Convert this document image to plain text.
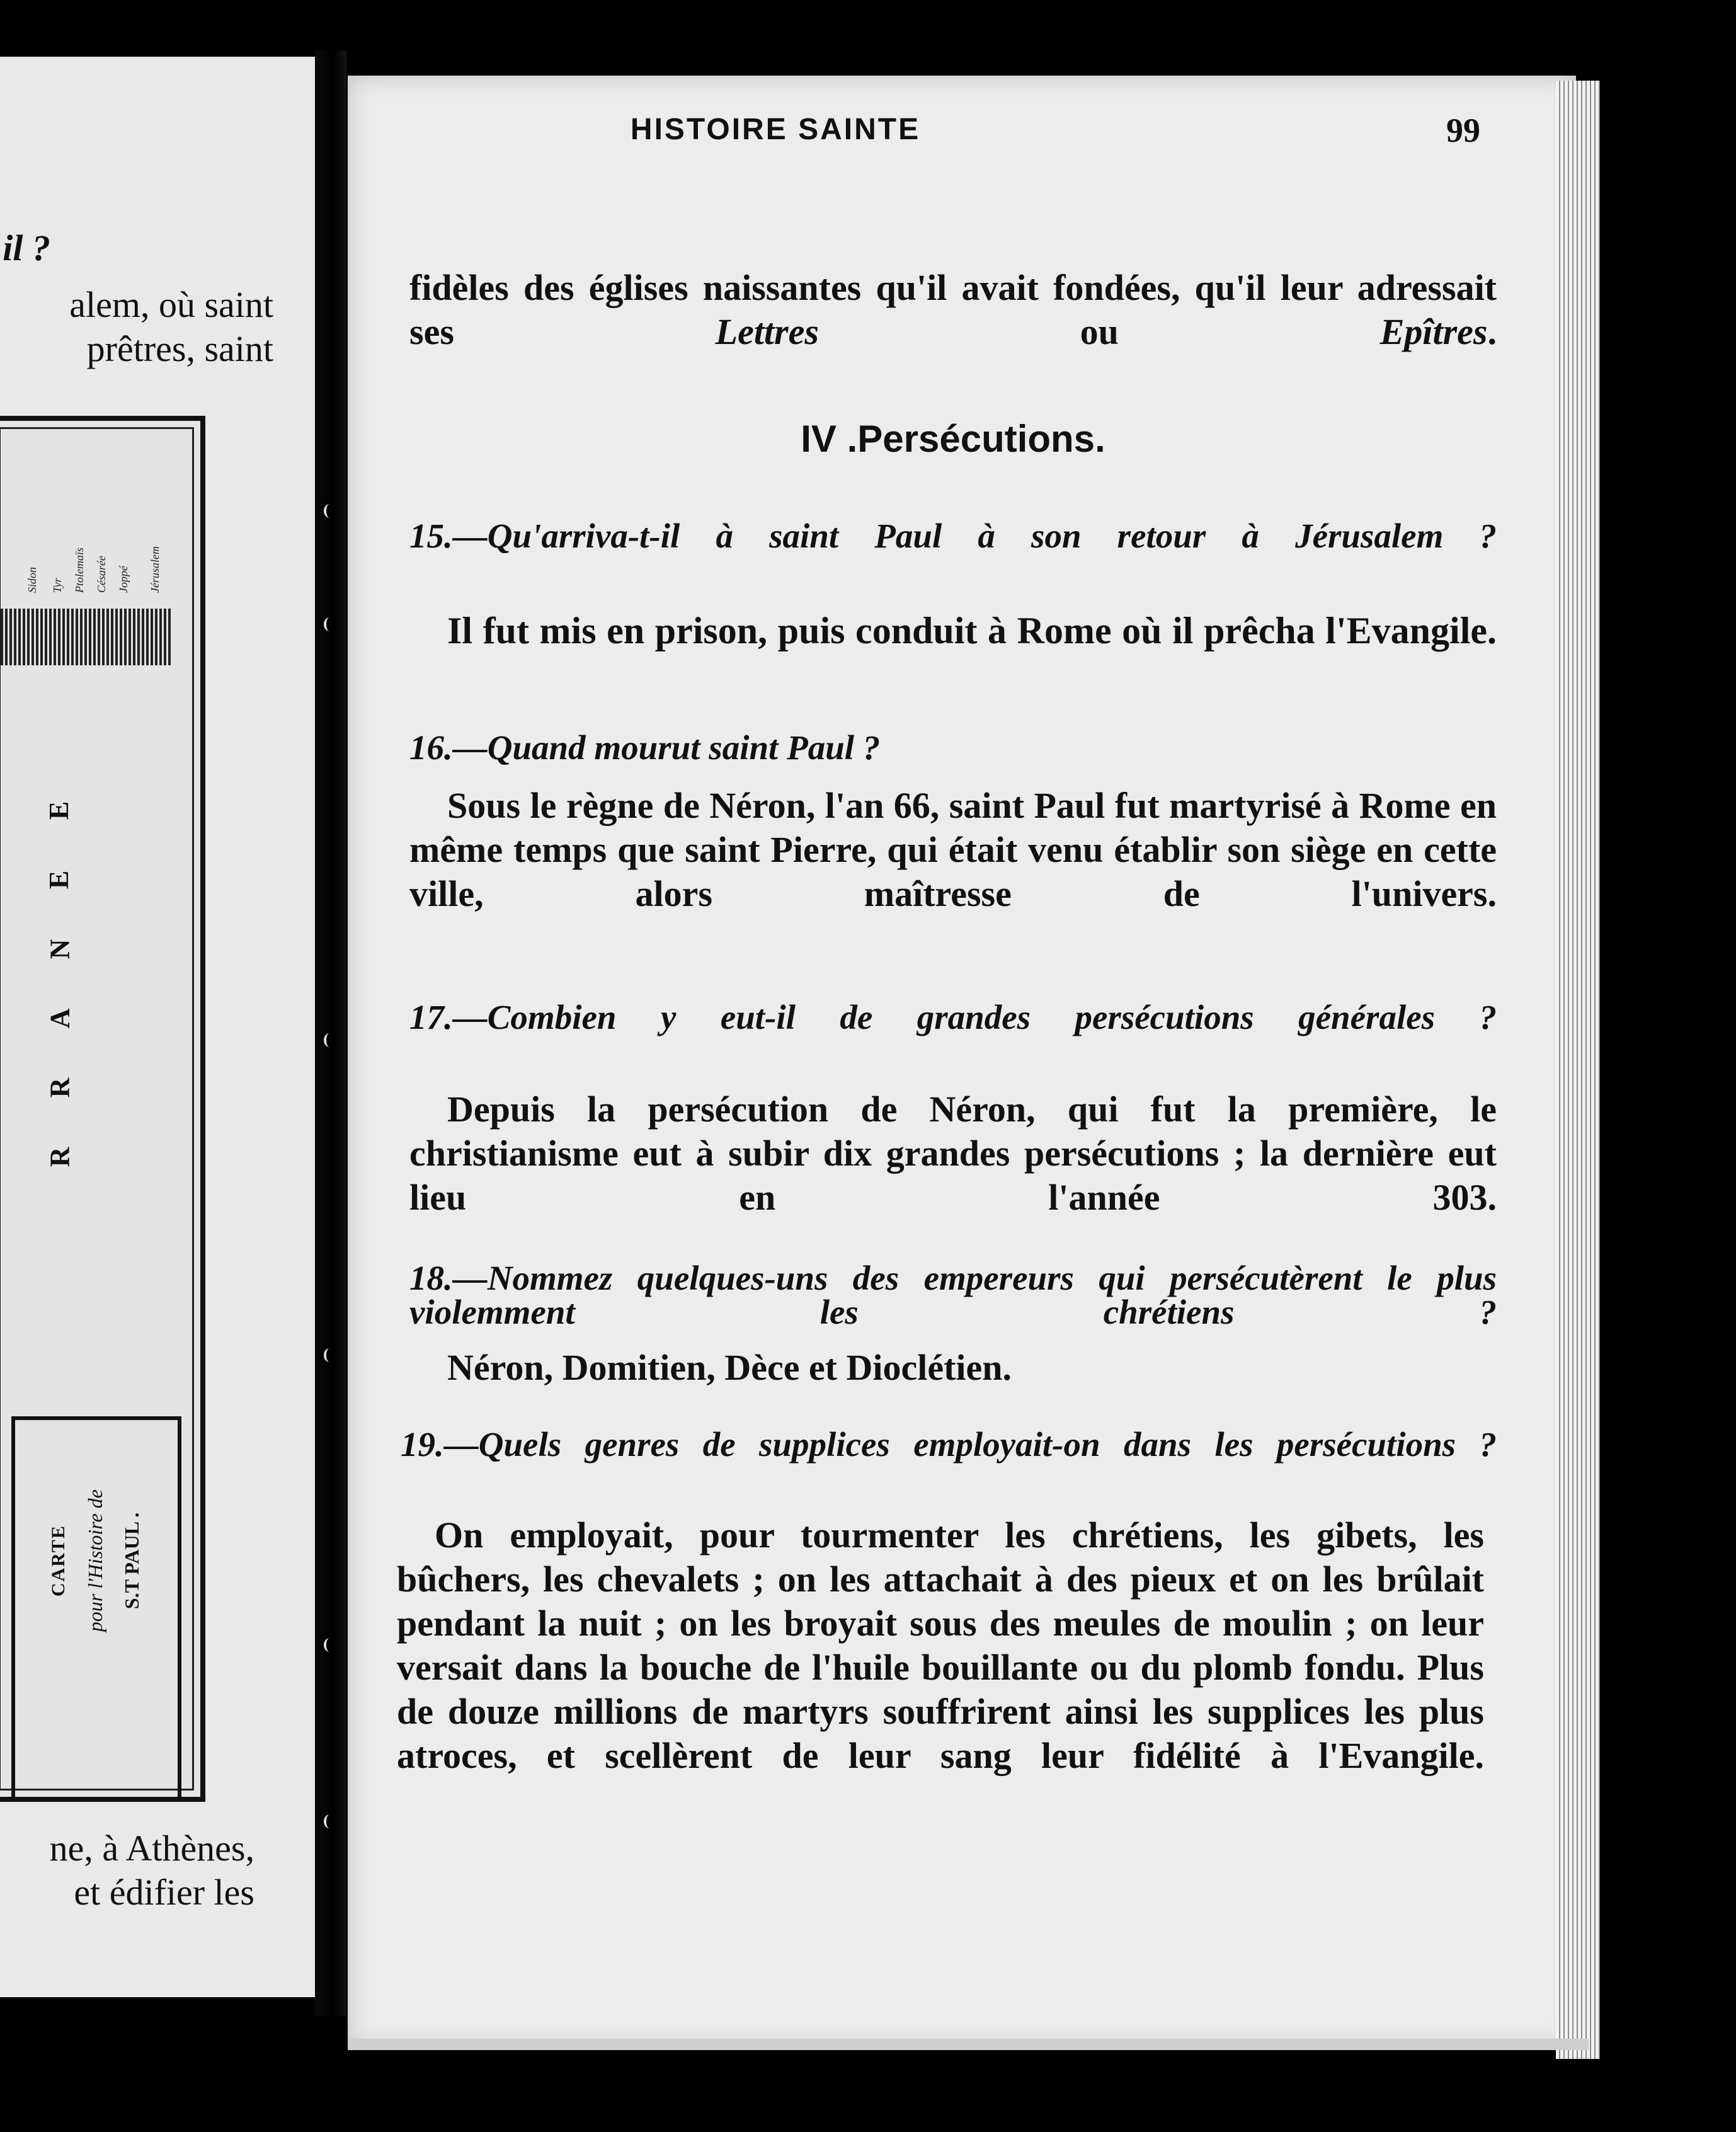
il ?
alem, où saint
prêtres, saint
Sidon	Tyr Ptolemaïs Césarée Joppé	Jérusalem
E
E
N
A
R
R
CARTE pour l'Histoire de S.T PAUL .
ne, à Athènes,
et édifier les
HISTOIRE SAINTE	99
fidèles des églises naissantes qu'il avait fondées, qu'il leur adressait ses	Lettres ou Epîtres.
IV .Persécutions.
15.—Qu'arriva-t-il à saint Paul à son retour à Jérusalem ?
Il fut mis en prison, puis conduit à Rome où il prêcha l'Evangile.
16.—Quand mourut saint Paul ?
Sous le règne de Néron, l'an 66, saint Paul fut martyrisé à Rome en même temps que saint Pierre, qui était venu établir son siège en cette ville, alors maîtresse de l'univers.
17.—Combien y eut-il de grandes persécutions générales ?
Depuis la persécution de Néron, qui fut la première, le christianisme eut à subir dix grandes persécutions ; la dernière eut lieu en l'année 303.
18.—Nommez quelques-uns des empereurs qui persécutèrent le plus violemment les chrétiens ?
Néron, Domitien, Dèce et Dioclétien.
19.—Quels genres de supplices employait-on dans les persécutions ?
On employait, pour tourmenter les chrétiens, les gibets, les bûchers, les chevalets ; on les attachait à des pieux et on les brûlait pendant la nuit ; on les broyait sous des meules de moulin ; on leur versait dans la bouche de l'huile bouillante ou du plomb fondu. Plus de douze millions de martyrs souffrirent ainsi les supplices les plus atroces, et scellèrent de leur sang leur fidélité à l'Evangile.
